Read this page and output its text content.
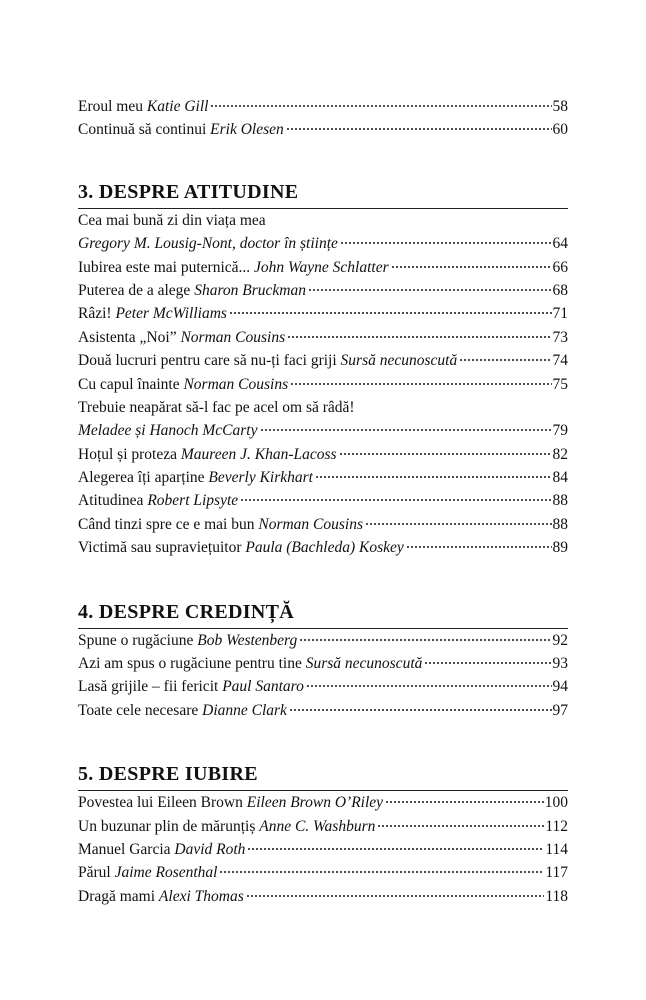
Eroul meu Katie Gill	58
Continuă să continui Erik Olesen	60
3. DESPRE ATITUDINE
Cea mai bună zi din viața mea
Gregory M. Lousig-Nont, doctor în științe	64
Iubirea este mai puternică... John Wayne Schlatter	66
Puterea de a alege Sharon Bruckman	68
Râzi! Peter McWilliams	71
Asistenta „Noi” Norman Cousins	73
Două lucruri pentru care să nu-ți faci griji Sursă necunoscută	74
Cu capul înainte Norman Cousins	75
Trebuie neapărat să-l fac pe acel om să râdă!
Meladee și Hanoch McCarty	79
Hoțul și proteza Maureen J. Khan-Lacoss	82
Alegerea îți aparține Beverly Kirkhart	84
Atitudinea Robert Lipsyte	88
Când tinzi spre ce e mai bun Norman Cousins	88
Victimă sau supraviețuitor Paula (Bachleda) Koskey	89
4. DESPRE CREDINȚĂ
Spune o rugăciune Bob Westenberg	92
Azi am spus o rugăciune pentru tine Sursă necunoscută	93
Lasă grijile – fii fericit Paul Santaro	94
Toate cele necesare Dianne Clark	97
5. DESPRE IUBIRE
Povestea lui Eileen Brown Eileen Brown O’Riley	100
Un buzunar plin de mărunțiș Anne C. Washburn	112
Manuel Garcia David Roth	114
Părul Jaime Rosenthal	117
Dragă mami Alexi Thomas	118
